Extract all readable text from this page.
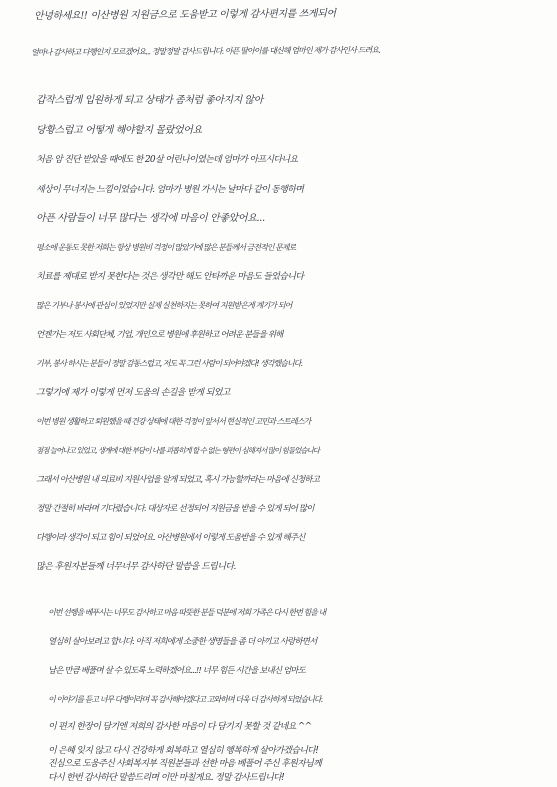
안녕하세요!! 이산병원 지원금으로 도움받고 이렇게 감사편지를 쓰게되어
얼마나 감사하고 다행인지 모르겠어요... 정말정말 감사드립니다. 아픈 딸아이를 대신해 엄마인 제가 감사인사 드려요.
갑작스럽게 입원하게 되고 상태가 좀처럼 좋아지지 않아
당황스럽고 어떻게 해야할지 몰랐었어요
처음 암 진단 받았을 때에도 한 20살 어린나이였는데 엄마가 아프시다니요
세상이 무너지는 느낌이었습니다. 엄마가 병원 가시는 날마다 같이 동행하며
아픈 사람들이 너무 많다는 생각에 마음이 안좋았어요...
평소에 운동도 못한 저희는 항상 병원비 걱정이 많았기에 많은 분들께서 금전적인 문제로
치료를 제대로 받지 못한다는 것은 생각만 해도 안타까운 마음도 들었습니다
많은 기부나 봉사에 관심이 있었지만 실제 실천하지는 못하여 지원받은게 계기가 되어
언젠가는 저도 사회단체, 기업, 개인으로 병원에 후원하고 어려운 분들을 위해
기부, 봉사 하시는 분들이 정말 감동스럽고, 저도 꼭 그런 사람이 되어야겠다! 생각했습니다.
그렇기에 제가 이렇게 먼저 도움의 손길을 받게 되었고
이번 병원 생활하고 퇴원했을 때 건강 상태에 대한 걱정이 앞서서 현실적인 고민과 스트레스가
점점 늘어나고 있었고, 생계에 대한 부담이 나를 괴롭히게 할 수 없는 형편이 심해져서 많이 힘들었습니다
그래서 아산병원 내 의료비 지원사업을 알게 되었고, 혹시 가능할까라는 마음에 신청하고
정말 간절히 바라며 기다렸습니다. 대상자로 선정되어 지원금을 받을 수 있게 되어 많이
다행이라 생각이 되고 힘이 되었어요. 아산병원에서 이렇게 도움받을 수 있게 해주신
많은 후원자분들께 너무너무 감사하단 말씀을 드립니다.
이번 선행을 베푸시는 너무도 감사하고 마음 따뜻한 분들 덕분에 저희 가족은 다시 한번 힘을 내
열심히 살아보려고 합니다. 아직 저희에게 소중한 생명들을 좀 더 아끼고 사랑하면서
남은 만큼 베풀며 살 수 있도록 노력하겠어요...!! 너무 힘든 시간을 보내신 엄마도
이 이야기를 듣고 너무 다행이라며 꼭 감사해야겠다고 고와하며 더욱 더 감사하게 되었습니다.
이 편지 한장이 담기엔 저희의 감사한 마음이 다 담기지 못할 것 같네요 ^^
이 은혜 잊지 않고 다시 건강하게 회복하고 열심히 행복하게 살아가겠습니다!
진심으로 도움주신 사회복지부 직원분들과 선한 마음 베풀어 주신 후원자님께
다시 한번 감사하단 말씀드리며 이만 마칠게요. 정말 감사드립니다!
